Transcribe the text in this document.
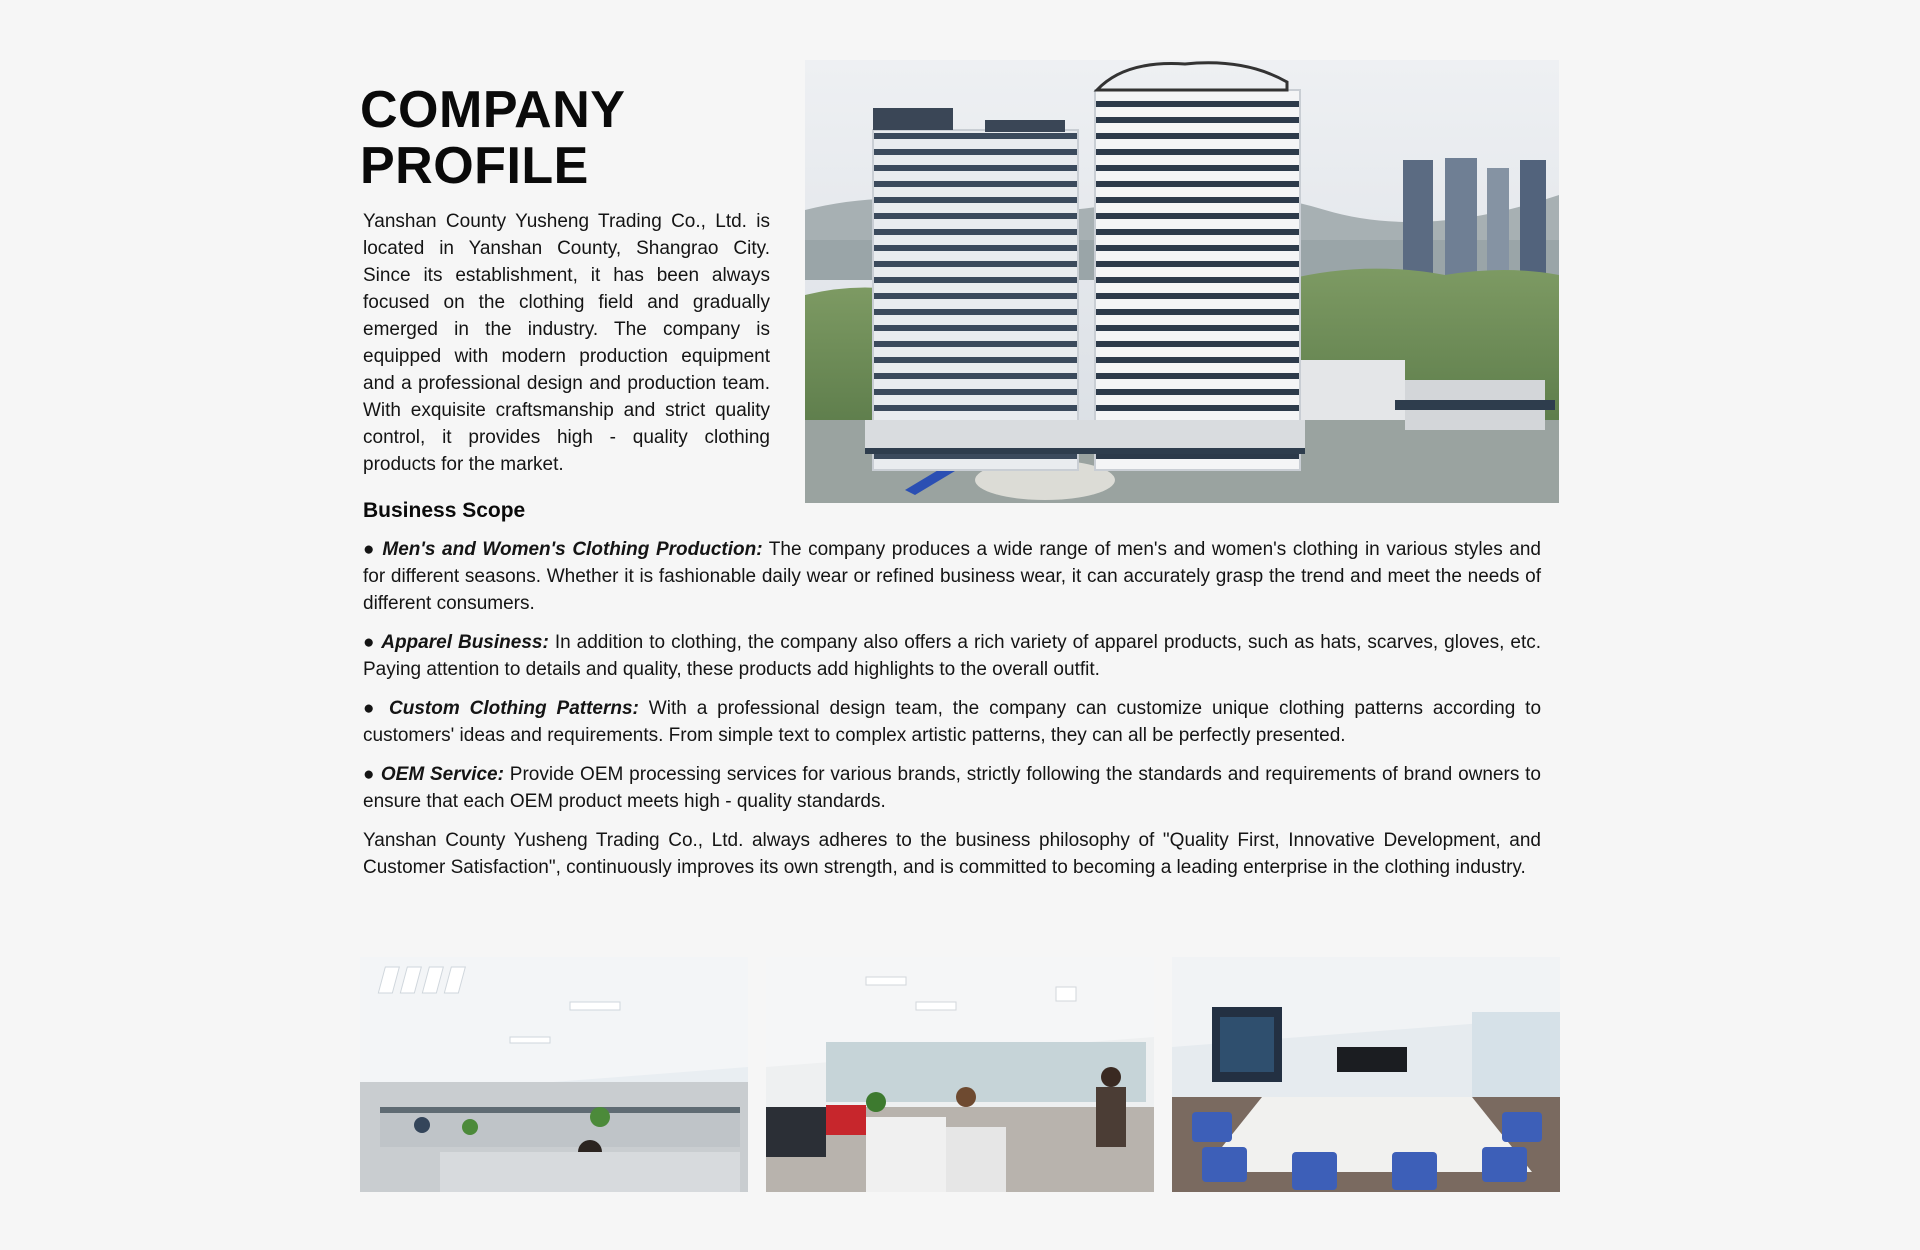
COMPANY
PROFILE

Yanshan County Yusheng Trading Co., Ltd. is located in Yanshan County, Shangrao City. Since its establishment, it has been always focused on the clothing field and gradually emerged in the industry. The company is equipped with modern production equipment and a professional design and production team. With exquisite craftsmanship and strict quality control, it provides high - quality clothing products for the market.

Business Scope

● Men's and Women's Clothing Production: The company produces a wide range of men's and women's clothing in various styles and for different seasons. Whether it is fashionable daily wear or refined business wear, it can accurately grasp the trend and meet the needs of different consumers.

● Apparel Business: In addition to clothing, the company also offers a rich variety of apparel products, such as hats, scarves, gloves, etc. Paying attention to details and quality, these products add highlights to the overall outfit.

● Custom Clothing Patterns: With a professional design team, the company can customize unique clothing patterns according to customers' ideas and requirements. From simple text to complex artistic patterns, they can all be perfectly presented.

● OEM Service: Provide OEM processing services for various brands, strictly following the standards and requirements of brand owners to ensure that each OEM product meets high - quality standards.

Yanshan County Yusheng Trading Co., Ltd. always adheres to the business philosophy of "Quality First, Innovative Development, and Customer Satisfaction", continuously improves its own strength, and is committed to becoming a leading enterprise in the clothing industry.
